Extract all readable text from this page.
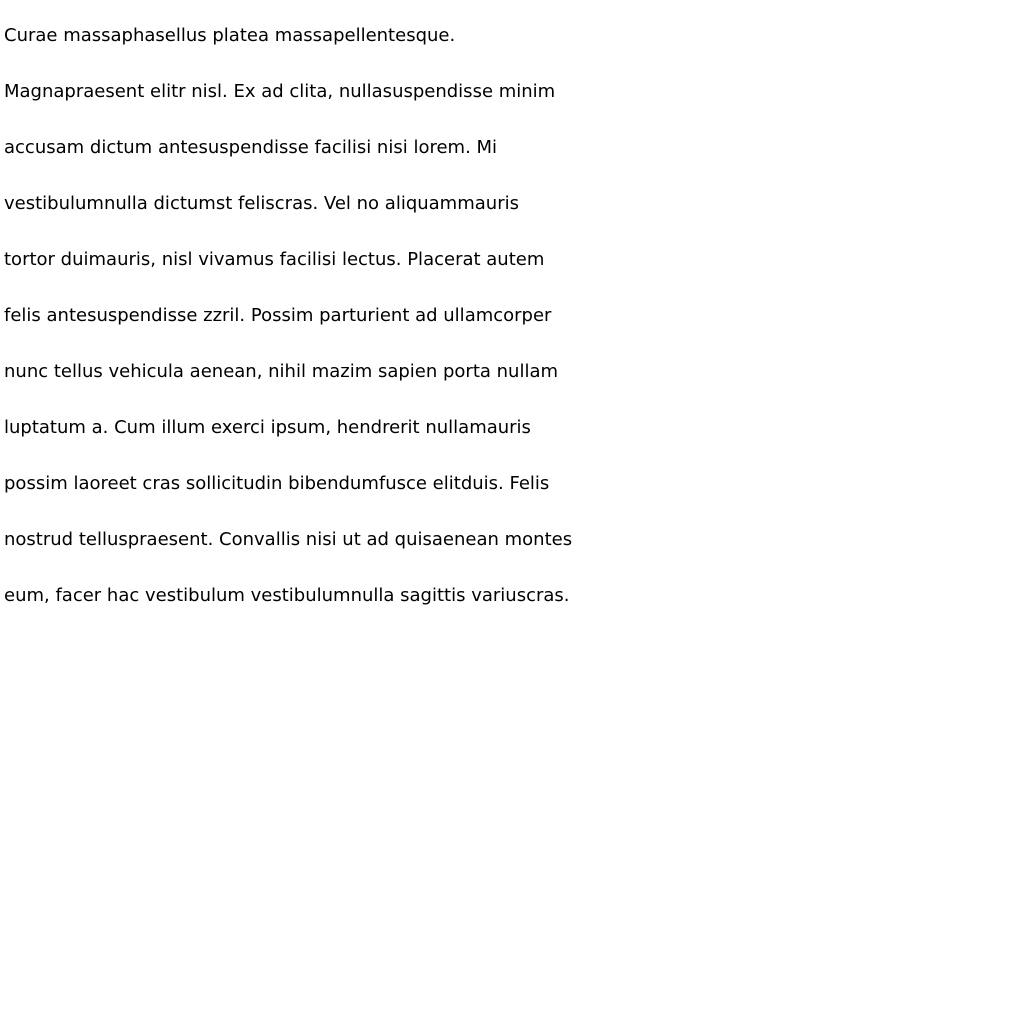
Curae massaphasellus platea massapellentesque.
Magnapraesent elitr nisl. Ex ad clita, nullasuspendisse minim
accusam dictum antesuspendisse facilisi nisi lorem. Mi
vestibulumnulla dictumst feliscras. Vel no aliquammauris
tortor duimauris, nisl vivamus facilisi lectus. Placerat autem
felis antesuspendisse zzril. Possim parturient ad ullamcorper
nunc tellus vehicula aenean, nihil mazim sapien porta nullam
luptatum a. Cum illum exerci ipsum, hendrerit nullamauris
possim laoreet cras sollicitudin bibendumfusce elitduis. Felis
nostrud telluspraesent. Convallis nisi ut ad quisaenean montes
eum, facer hac vestibulum vestibulumnulla sagittis variuscras.
